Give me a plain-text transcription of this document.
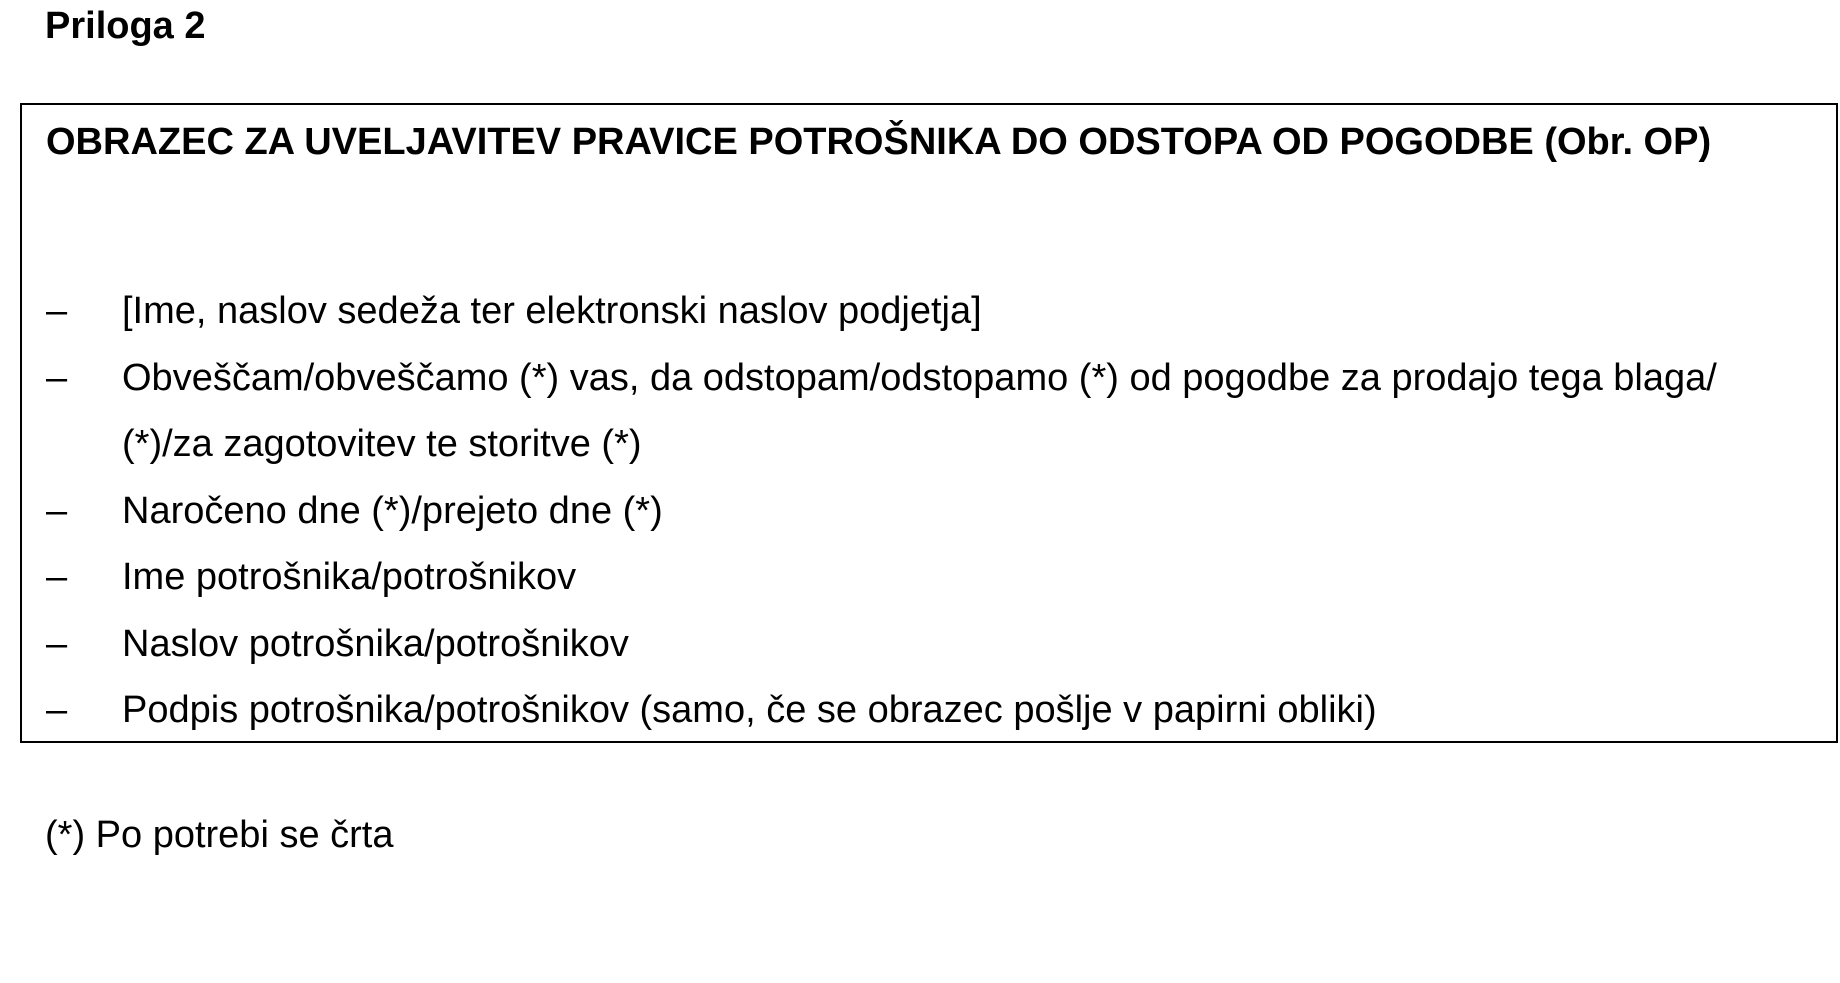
Priloga 2
OBRAZEC ZA UVELJAVITEV PRAVICE POTROŠNIKA DO ODSTOPA OD POGODBE (Obr. OP)
–	[Ime, naslov sedeža ter elektronski naslov podjetja]
–	Obveščam/obveščamo (*) vas, da odstopam/odstopamo (*) od pogodbe za prodajo tega blaga/ (*)/za zagotovitev te storitve (*)
–	Naročeno dne (*)/prejeto dne (*)
–	Ime potrošnika/potrošnikov
–	Naslov potrošnika/potrošnikov
–	Podpis potrošnika/potrošnikov (samo, če se obrazec pošlje v papirni obliki)

(*) Po potrebi se črta
